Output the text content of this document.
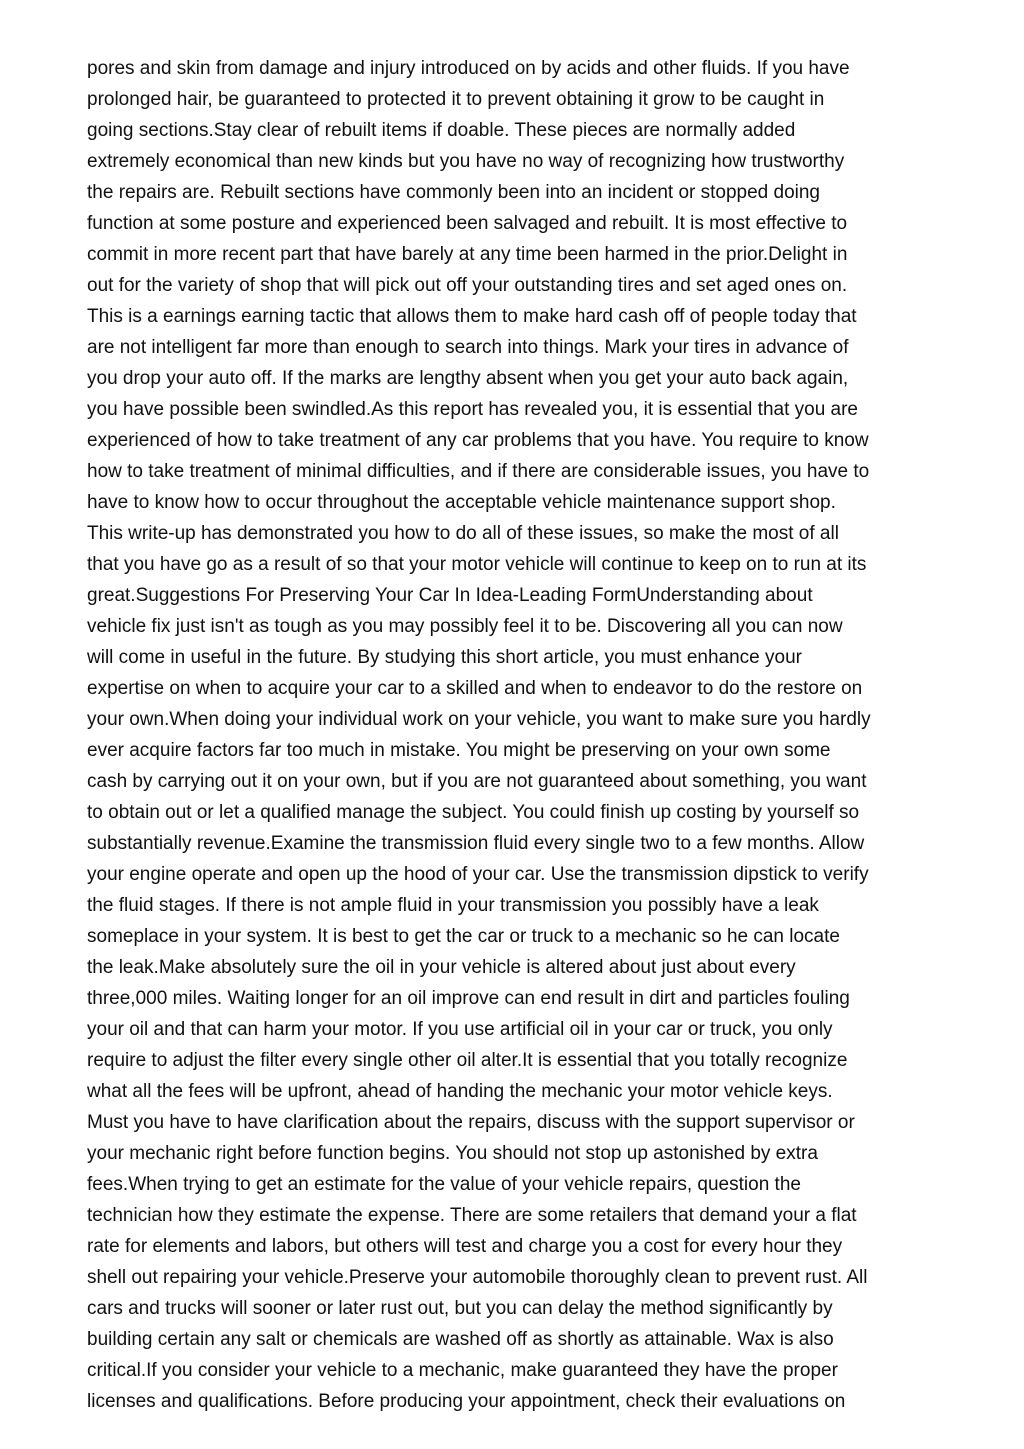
pores and skin from damage and injury introduced on by acids and other fluids. If you have
prolonged hair, be guaranteed to protected it to prevent obtaining it grow to be caught in
going sections.Stay clear of rebuilt items if doable. These pieces are normally added
extremely economical than new kinds but you have no way of recognizing how trustworthy
the repairs are. Rebuilt sections have commonly been into an incident or stopped doing
function at some posture and experienced been salvaged and rebuilt. It is most effective to
commit in more recent part that have barely at any time been harmed in the prior.Delight in
out for the variety of shop that will pick out off your outstanding tires and set aged ones on.
This is a earnings earning tactic that allows them to make hard cash off of people today that
are not intelligent far more than enough to search into things. Mark your tires in advance of
you drop your auto off. If the marks are lengthy absent when you get your auto back again,
you have possible been swindled.As this report has revealed you, it is essential that you are
experienced of how to take treatment of any car problems that you have. You require to know
how to take treatment of minimal difficulties, and if there are considerable issues, you have to
have to know how to occur throughout the acceptable vehicle maintenance support shop.
This write-up has demonstrated you how to do all of these issues, so make the most of all
that you have go as a result of so that your motor vehicle will continue to keep on to run at its
great.Suggestions For Preserving Your Car In Idea-Leading FormUnderstanding about
vehicle fix just isn't as tough as you may possibly feel it to be. Discovering all you can now
will come in useful in the future. By studying this short article, you must enhance your
expertise on when to acquire your car to a skilled and when to endeavor to do the restore on
your own.When doing your individual work on your vehicle, you want to make sure you hardly
ever acquire factors far too much in mistake. You might be preserving on your own some
cash by carrying out it on your own, but if you are not guaranteed about something, you want
to obtain out or let a qualified manage the subject. You could finish up costing by yourself so
substantially revenue.Examine the transmission fluid every single two to a few months. Allow
your engine operate and open up the hood of your car. Use the transmission dipstick to verify
the fluid stages. If there is not ample fluid in your transmission you possibly have a leak
someplace in your system. It is best to get the car or truck to a mechanic so he can locate
the leak.Make absolutely sure the oil in your vehicle is altered about just about every
three,000 miles. Waiting longer for an oil improve can end result in dirt and particles fouling
your oil and that can harm your motor. If you use artificial oil in your car or truck, you only
require to adjust the filter every single other oil alter.It is essential that you totally recognize
what all the fees will be upfront, ahead of handing the mechanic your motor vehicle keys.
Must you have to have clarification about the repairs, discuss with the support supervisor or
your mechanic right before function begins. You should not stop up astonished by extra
fees.When trying to get an estimate for the value of your vehicle repairs, question the
technician how they estimate the expense. There are some retailers that demand your a flat
rate for elements and labors, but others will test and charge you a cost for every hour they
shell out repairing your vehicle.Preserve your automobile thoroughly clean to prevent rust. All
cars and trucks will sooner or later rust out, but you can delay the method significantly by
building certain any salt or chemicals are washed off as shortly as attainable. Wax is also
critical.If you consider your vehicle to a mechanic, make guaranteed they have the proper
licenses and qualifications. Before producing your appointment, check their evaluations on
